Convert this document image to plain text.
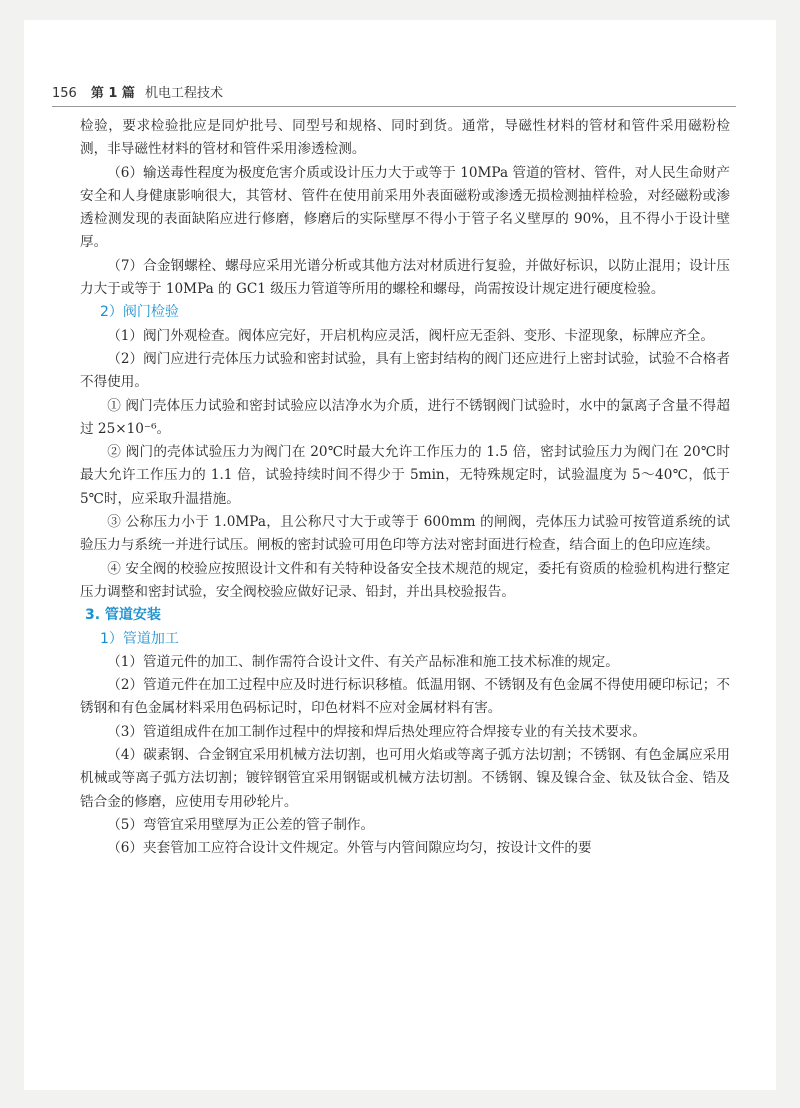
156 第 1 篇 机电工程技术

检验，要求检验批应是同炉批号、同型号和规格、同时到货。通常，导磁性材料的管材和管件采用磁粉检测，非导磁性材料的管材和管件采用渗透检测。

（6）输送毒性程度为极度危害介质或设计压力大于或等于 10MPa 管道的管材、管件，对人民生命财产安全和人身健康影响很大，其管材、管件在使用前采用外表面磁粉或渗透无损检测抽样检验，对经磁粉或渗透检测发现的表面缺陷应进行修磨，修磨后的实际壁厚不得小于管子名义壁厚的 90%，且不得小于设计壁厚。

（7）合金钢螺栓、螺母应采用光谱分析或其他方法对材质进行复验，并做好标识，以防止混用；设计压力大于或等于 10MPa 的 GC1 级压力管道等所用的螺栓和螺母，尚需按设计规定进行硬度检验。

2）阀门检验

（1）阀门外观检查。阀体应完好，开启机构应灵活，阀杆应无歪斜、变形、卡涩现象，标牌应齐全。

（2）阀门应进行壳体压力试验和密封试验，具有上密封结构的阀门还应进行上密封试验，试验不合格者不得使用。

① 阀门壳体压力试验和密封试验应以洁净水为介质，进行不锈钢阀门试验时，水中的氯离子含量不得超过 25×10⁻⁶。

② 阀门的壳体试验压力为阀门在 20℃时最大允许工作压力的 1.5 倍，密封试验压力为阀门在 20℃时最大允许工作压力的 1.1 倍，试验持续时间不得少于 5min，无特殊规定时，试验温度为 5～40℃，低于 5℃时，应采取升温措施。

③ 公称压力小于 1.0MPa，且公称尺寸大于或等于 600mm 的闸阀，壳体压力试验可按管道系统的试验压力与系统一并进行试压。闸板的密封试验可用色印等方法对密封面进行检查，结合面上的色印应连续。

④ 安全阀的校验应按照设计文件和有关特种设备安全技术规范的规定，委托有资质的检验机构进行整定压力调整和密封试验，安全阀校验应做好记录、铅封，并出具校验报告。

3. 管道安装

1）管道加工

（1）管道元件的加工、制作需符合设计文件、有关产品标准和施工技术标准的规定。

（2）管道元件在加工过程中应及时进行标识移植。低温用钢、不锈钢及有色金属不得使用硬印标记；不锈钢和有色金属材料采用色码标记时，印色材料不应对金属材料有害。

（3）管道组成件在加工制作过程中的焊接和焊后热处理应符合焊接专业的有关技术要求。

（4）碳素钢、合金钢宜采用机械方法切割，也可用火焰或等离子弧方法切割；不锈钢、有色金属应采用机械或等离子弧方法切割；镀锌钢管宜采用钢锯或机械方法切割。不锈钢、镍及镍合金、钛及钛合金、锆及锆合金的修磨，应使用专用砂轮片。

（5）弯管宜采用壁厚为正公差的管子制作。

（6）夹套管加工应符合设计文件规定。外管与内管间隙应均匀，按设计文件的要
